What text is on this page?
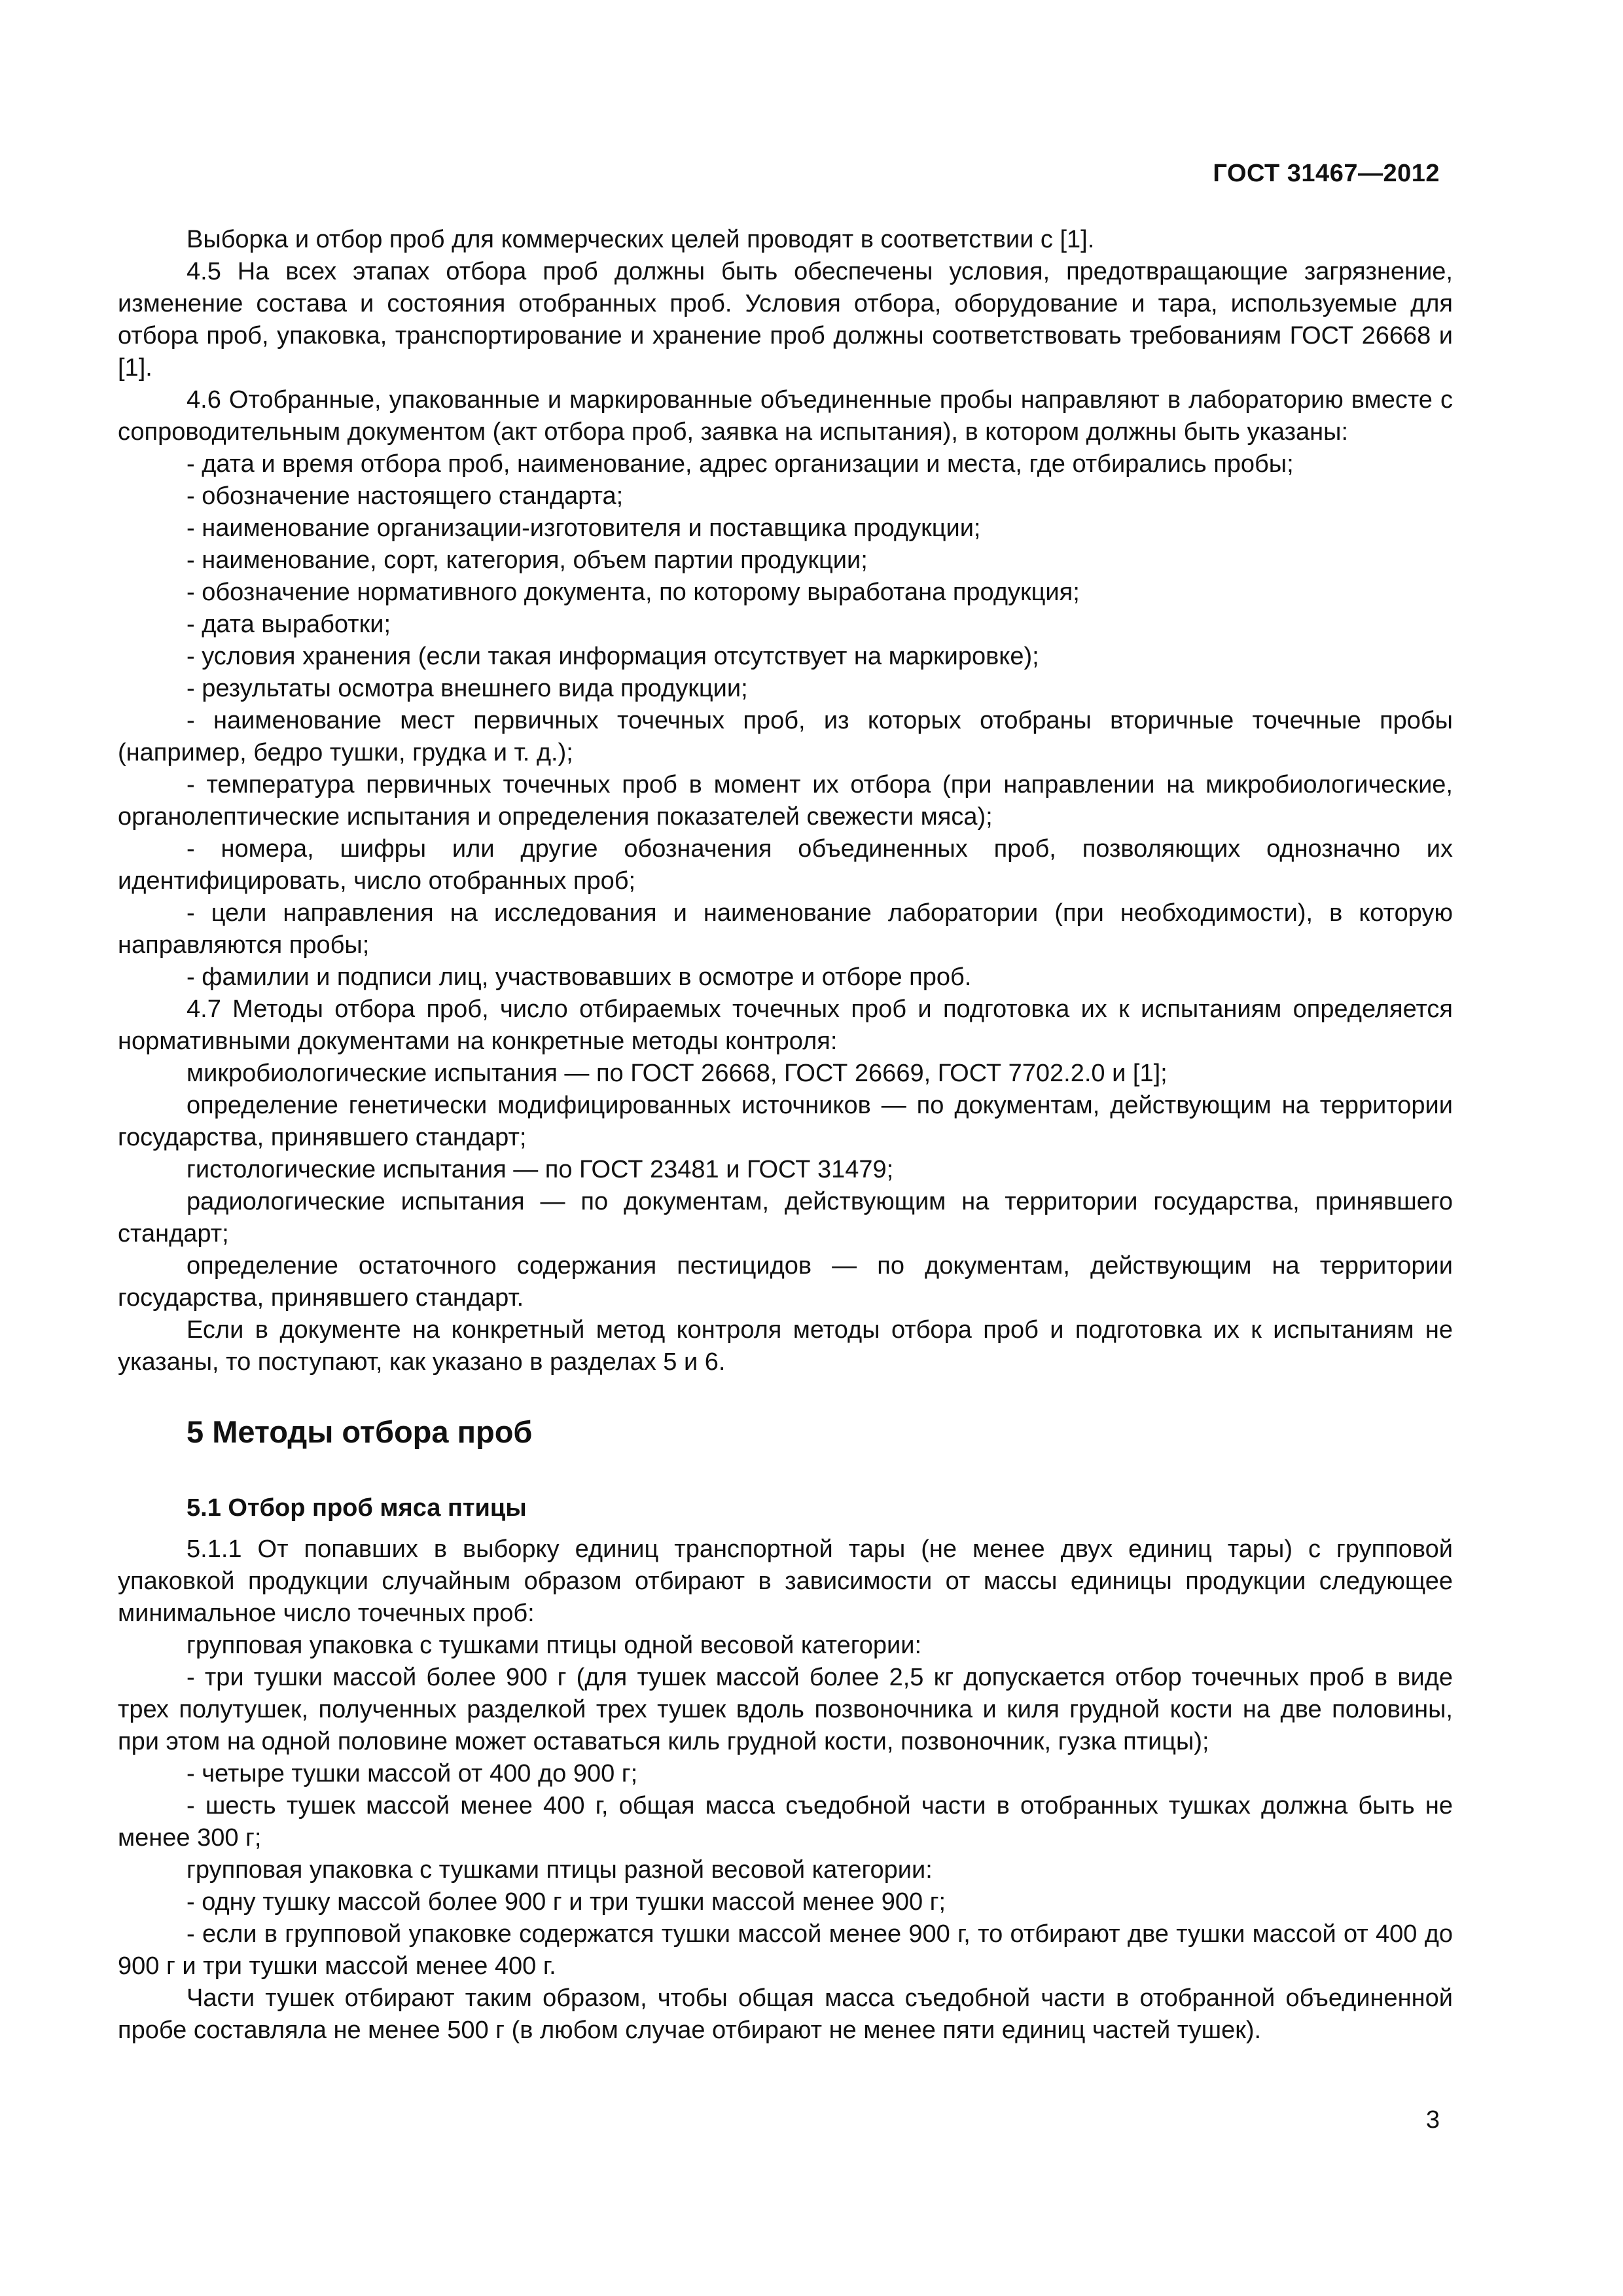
ГОСТ 31467—2012

Выборка и отбор проб для коммерческих целей проводят в соответствии с [1].

4.5 На всех этапах отбора проб должны быть обеспечены условия, предотвращающие загрязнение, изменение состава и состояния отобранных проб. Условия отбора, оборудование и тара, используемые для отбора проб, упаковка, транспортирование и хранение проб должны соответствовать требованиям ГОСТ 26668 и [1].

4.6 Отобранные, упакованные и маркированные объединенные пробы направляют в лабораторию вместе с сопроводительным документом (акт отбора проб, заявка на испытания), в котором должны быть указаны:

- дата и время отбора проб, наименование, адрес организации и места, где отбирались пробы;

- обозначение настоящего стандарта;

- наименование организации-изготовителя и поставщика продукции;

- наименование, сорт, категория, объем партии продукции;

- обозначение нормативного документа, по которому выработана продукция;

- дата выработки;

- условия хранения (если такая информация отсутствует на маркировке);

- результаты осмотра внешнего вида продукции;

- наименование мест первичных точечных проб, из которых отобраны вторичные точечные пробы (например, бедро тушки, грудка и т. д.);

- температура первичных точечных проб в момент их отбора (при направлении на микробиологические, органолептические испытания и определения показателей свежести мяса);

- номера, шифры или другие обозначения объединенных проб, позволяющих однозначно их идентифицировать, число отобранных проб;

- цели направления на исследования и наименование лаборатории (при необходимости), в которую направляются пробы;

- фамилии и подписи лиц, участвовавших в осмотре и отборе проб.

4.7 Методы отбора проб, число отбираемых точечных проб и подготовка их к испытаниям определяется нормативными документами на конкретные методы контроля:

микробиологические испытания — по ГОСТ 26668, ГОСТ 26669, ГОСТ 7702.2.0 и [1];

определение генетически модифицированных источников — по документам, действующим на территории государства, принявшего стандарт;

гистологические испытания — по ГОСТ 23481 и ГОСТ 31479;

радиологические испытания — по документам, действующим на территории государства, принявшего стандарт;

определение остаточного содержания пестицидов — по документам, действующим на территории государства, принявшего стандарт.

Если в документе на конкретный метод контроля методы отбора проб и подготовка их к испытаниям не указаны, то поступают, как указано в разделах 5 и 6.

5 Методы отбора проб

5.1 Отбор проб мяса птицы

5.1.1 От попавших в выборку единиц транспортной тары (не менее двух единиц тары) с групповой упаковкой продукции случайным образом отбирают в зависимости от массы единицы продукции следующее минимальное число точечных проб:

групповая упаковка с тушками птицы одной весовой категории:

- три тушки массой более 900 г (для тушек массой более 2,5 кг допускается отбор точечных проб в виде трех полутушек, полученных разделкой трех тушек вдоль позвоночника и киля грудной кости на две половины, при этом на одной половине может оставаться киль грудной кости, позвоночник, гузка птицы);

- четыре тушки массой от 400 до 900 г;

- шесть тушек массой менее 400 г, общая масса съедобной части в отобранных тушках должна быть не менее 300 г;

групповая упаковка с тушками птицы разной весовой категории:

- одну тушку массой более 900 г и три тушки массой менее 900 г;

- если в групповой упаковке содержатся тушки массой менее 900 г, то отбирают две тушки массой от 400 до 900 г и три тушки массой менее 400 г.

Части тушек отбирают таким образом, чтобы общая масса съедобной части в отобранной объединенной пробе составляла не менее 500 г (в любом случае отбирают не менее пяти единиц частей тушек).

3
